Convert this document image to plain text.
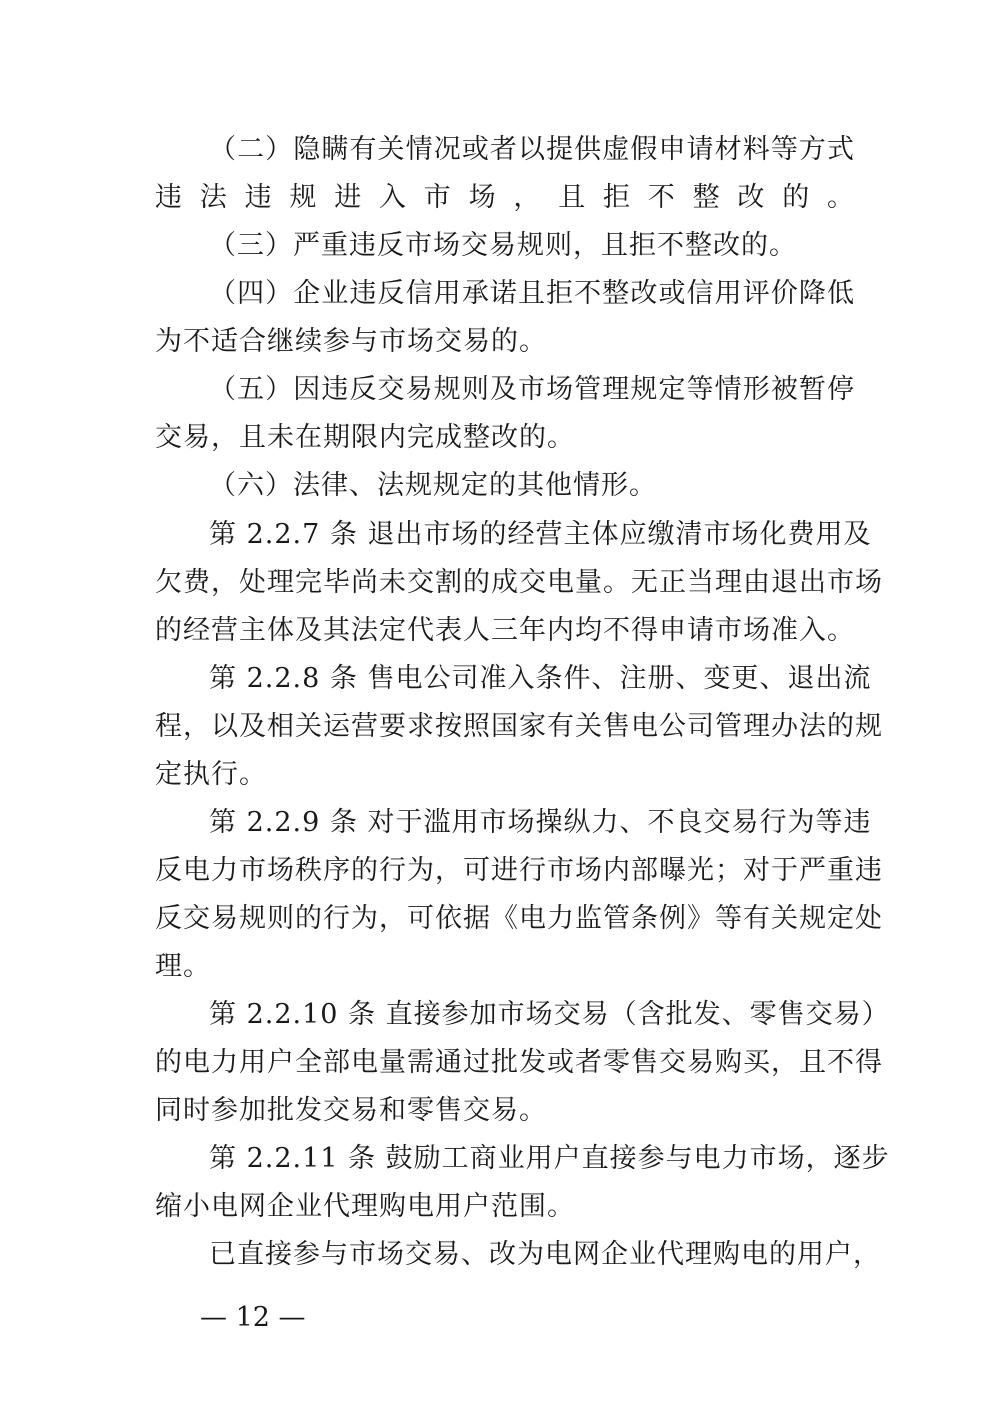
（二）隐瞒有关情况或者以提供虚假申请材料等方式
违法违规进入市场，且拒不整改的。
（三）严重违反市场交易规则，且拒不整改的。
（四）企业违反信用承诺且拒不整改或信用评价降低
为不适合继续参与市场交易的。
（五）因违反交易规则及市场管理规定等情形被暂停
交易，且未在期限内完成整改的。
（六）法律、法规规定的其他情形。
第 2.2.7 条 退出市场的经营主体应缴清市场化费用及
欠费，处理完毕尚未交割的成交电量。无正当理由退出市场
的经营主体及其法定代表人三年内均不得申请市场准入。
第 2.2.8 条 售电公司准入条件、注册、变更、退出流
程，以及相关运营要求按照国家有关售电公司管理办法的规
定执行。
第 2.2.9 条 对于滥用市场操纵力、不良交易行为等违
反电力市场秩序的行为，可进行市场内部曝光；对于严重违
反交易规则的行为，可依据《电力监管条例》等有关规定处
理。
第 2.2.10 条 直接参加市场交易（含批发、零售交易）
的电力用户全部电量需通过批发或者零售交易购买，且不得
同时参加批发交易和零售交易。
第 2.2.11 条 鼓励工商业用户直接参与电力市场，逐步
缩小电网企业代理购电用户范围。
已直接参与市场交易、改为电网企业代理购电的用户，
— 12 —
